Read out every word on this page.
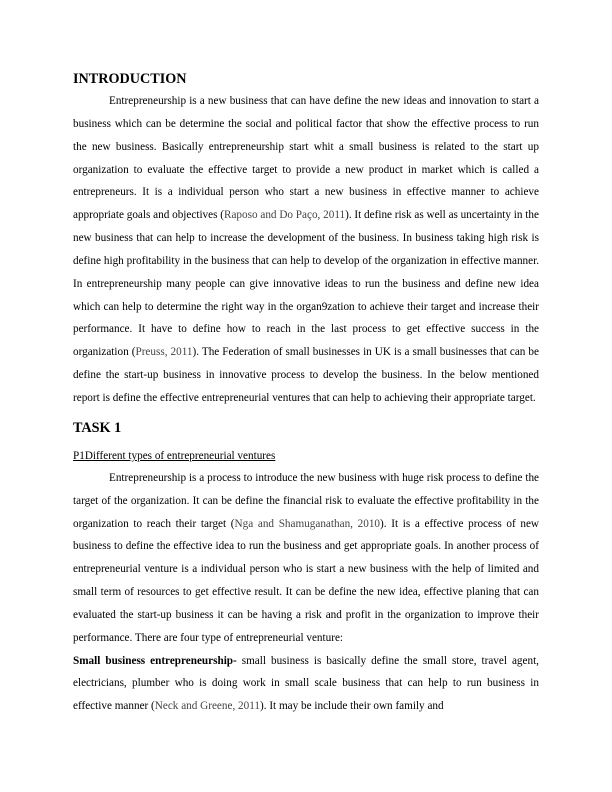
INTRODUCTION

Entrepreneurship is a new business that can have define the new ideas and innovation to start a business which can be determine the social and political factor that show the effective process to run the new business. Basically entrepreneurship start whit a small business is related to the start up organization to evaluate the effective target to provide a new product in market which is called a entrepreneurs. It is a individual person who start a new business in effective manner to achieve appropriate goals and objectives (Raposo and Do Paço, 2011). It define risk as well as uncertainty in the new business that can help to increase the development of the business. In business taking high risk is define high profitability in the business that can help to develop of the organization in effective manner. In entrepreneurship many people can give innovative ideas to run the business and define new idea which can help to determine the right way in the organ9zation to achieve their target and increase their performance. It have to define how to reach in the last process to get effective success in the organization (Preuss, 2011). The Federation of small businesses in UK is a small businesses that can be define the start-up business in innovative process to develop the business. In the below mentioned report is define the effective entrepreneurial ventures that can help to achieving their appropriate target.

TASK 1

P1Different types of entrepreneurial ventures

Entrepreneurship is a process to introduce the new business with huge risk process to define the target of the organization. It can be define the financial risk to evaluate the effective profitability in the organization to reach their target (Nga and Shamuganathan, 2010). It is a effective process of new business to define the effective idea to run the business and get appropriate goals. In another process of entrepreneurial venture is a individual person who is start a new business with the help of limited and small term of resources to get effective result. It can be define the new idea, effective planing that can evaluated the start-up business it can be having a risk and profit in the organization to improve their performance. There are four type of entrepreneurial venture:

Small business entrepreneurship- small business is basically define the small store, travel agent, electricians, plumber who is doing work in small scale business that can help to run business in effective manner (Neck and Greene, 2011). It may be include their own family and
